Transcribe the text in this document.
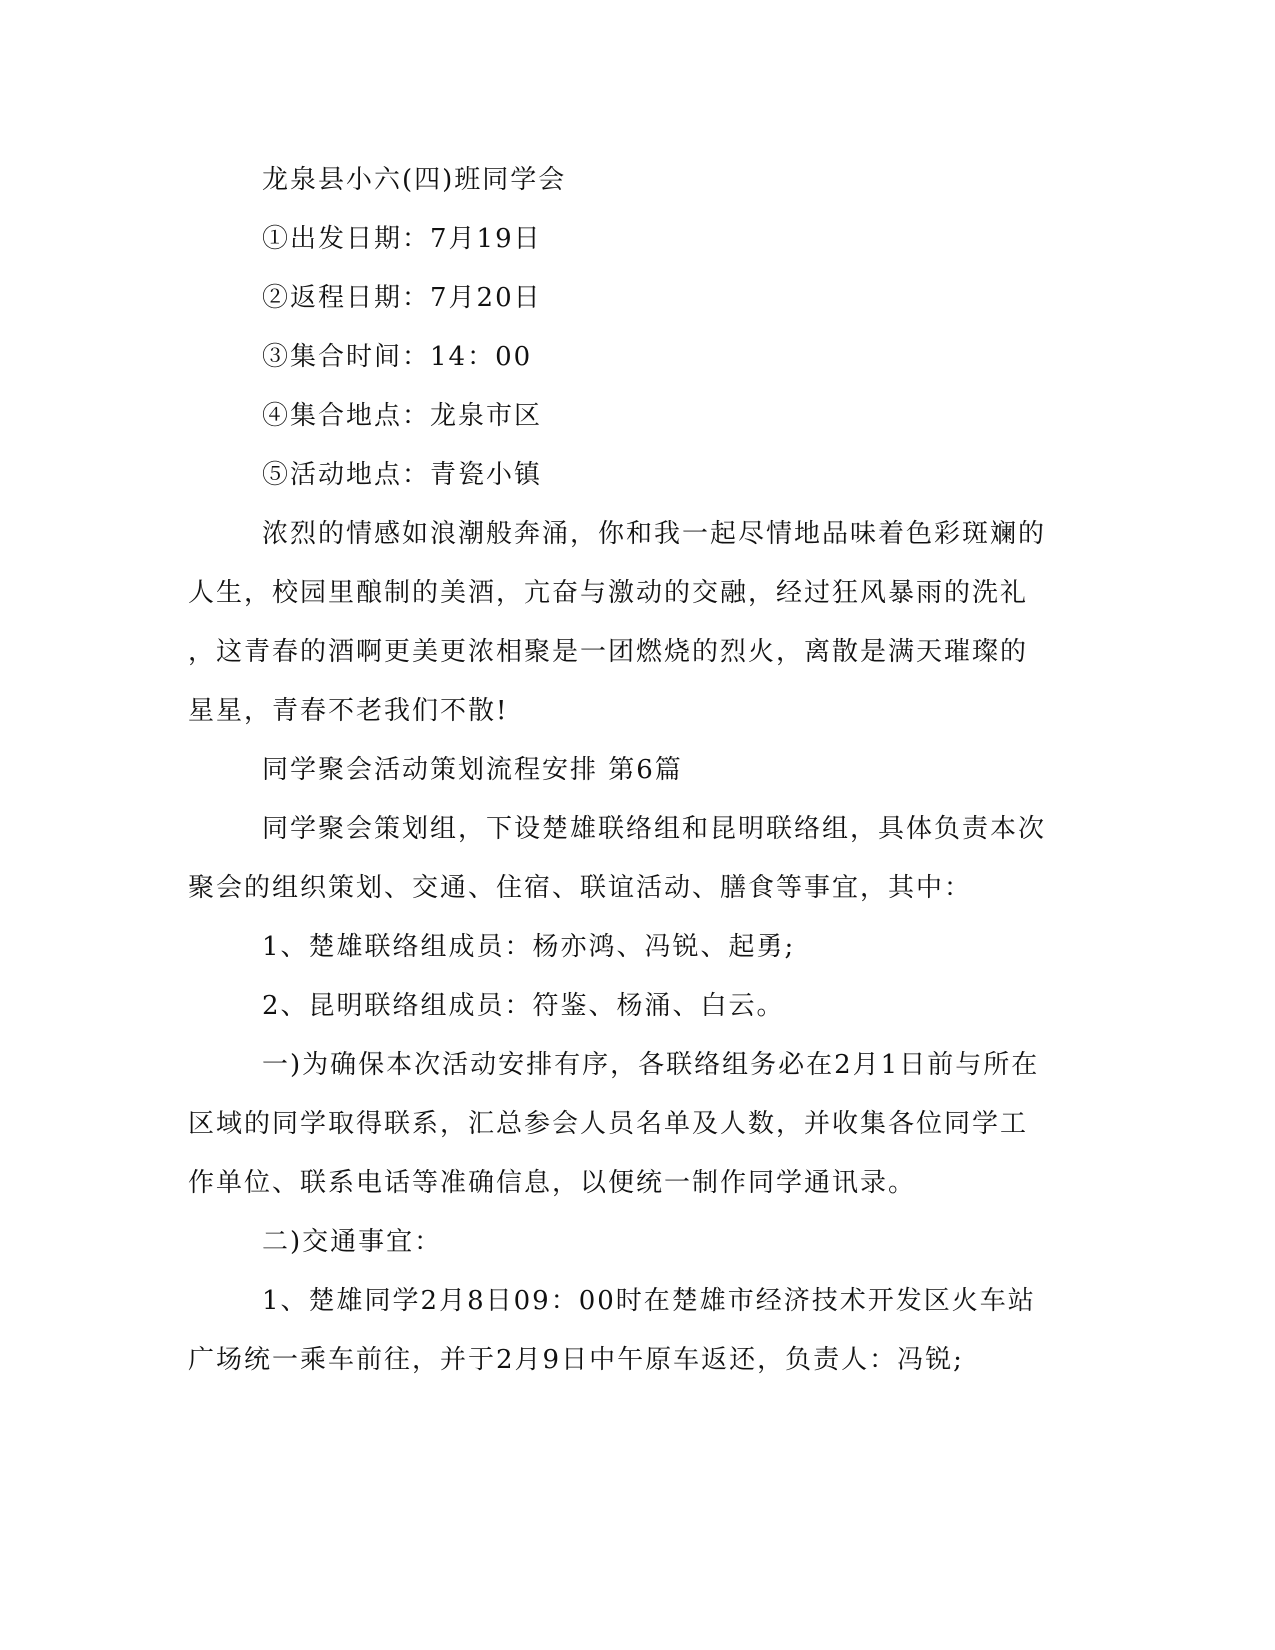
龙泉县小六(四)班同学会
①出发日期：7月19日
②返程日期：7月20日
③集合时间：14：00
④集合地点：龙泉市区
⑤活动地点：青瓷小镇
浓烈的情感如浪潮般奔涌，你和我一起尽情地品味着色彩斑斓的
人生，校园里酿制的美酒，亢奋与激动的交融，经过狂风暴雨的洗礼
，这青春的酒啊更美更浓相聚是一团燃烧的烈火，离散是满天璀璨的
星星，青春不老我们不散!
同学聚会活动策划流程安排 第6篇
同学聚会策划组，下设楚雄联络组和昆明联络组，具体负责本次
聚会的组织策划、交通、住宿、联谊活动、膳食等事宜，其中：
1、楚雄联络组成员：杨亦鸿、冯锐、起勇;
2、昆明联络组成员：符鉴、杨涌、白云。
一)为确保本次活动安排有序，各联络组务必在2月1日前与所在
区域的同学取得联系，汇总参会人员名单及人数，并收集各位同学工
作单位、联系电话等准确信息，以便统一制作同学通讯录。
二)交通事宜：
1、楚雄同学2月8日09：00时在楚雄市经济技术开发区火车站
广场统一乘车前往，并于2月9日中午原车返还，负责人：冯锐;
